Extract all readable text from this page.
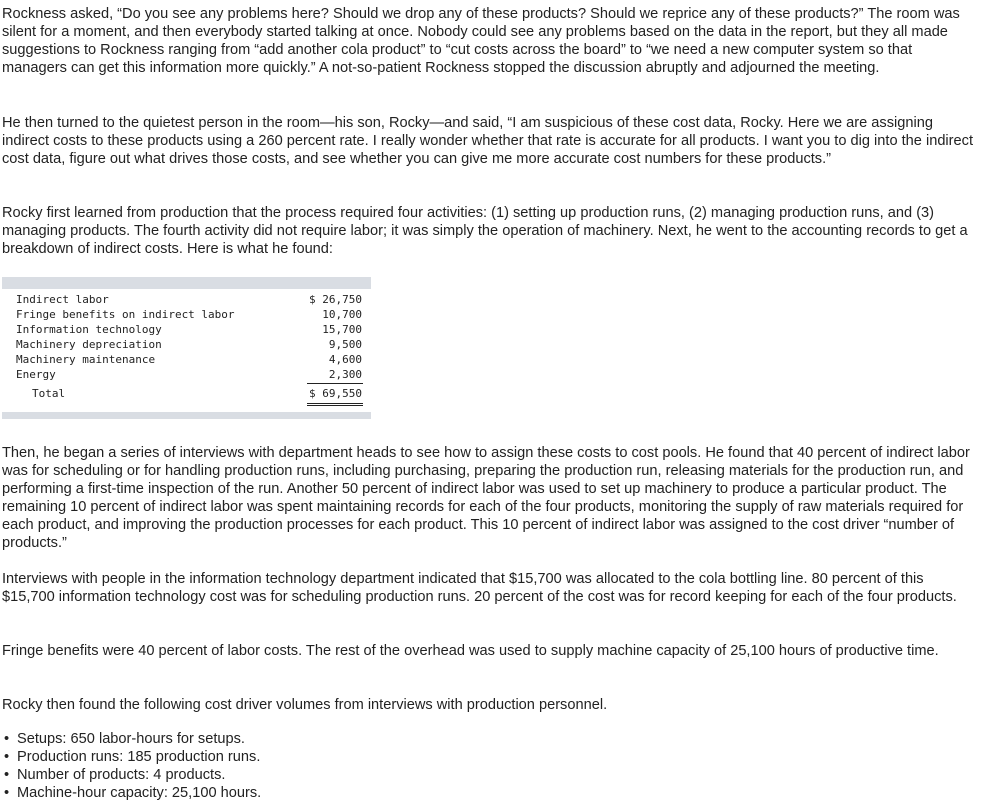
Rockness asked, “Do you see any problems here? Should we drop any of these products? Should we reprice any of these products?” The room was silent for a moment, and then everybody started talking at once. Nobody could see any problems based on the data in the report, but they all made suggestions to Rockness ranging from “add another cola product” to “cut costs across the board” to “we need a new computer system so that managers can get this information more quickly.” A not-so-patient Rockness stopped the discussion abruptly and adjourned the meeting.

He then turned to the quietest person in the room—his son, Rocky—and said, “I am suspicious of these cost data, Rocky. Here we are assigning indirect costs to these products using a 260 percent rate. I really wonder whether that rate is accurate for all products. I want you to dig into the indirect cost data, figure out what drives those costs, and see whether you can give me more accurate cost numbers for these products.”

Rocky first learned from production that the process required four activities: (1) setting up production runs, (2) managing production runs, and (3) managing products. The fourth activity did not require labor; it was simply the operation of machinery. Next, he went to the accounting records to get a breakdown of indirect costs. Here is what he found:

Indirect labor	$ 26,750
Fringe benefits on indirect labor	10,700
Information technology	15,700
Machinery depreciation	9,500
Machinery maintenance	4,600
Energy	2,300
Total	$ 69,550

Then, he began a series of interviews with department heads to see how to assign these costs to cost pools. He found that 40 percent of indirect labor was for scheduling or for handling production runs, including purchasing, preparing the production run, releasing materials for the production run, and performing a first-time inspection of the run. Another 50 percent of indirect labor was used to set up machinery to produce a particular product. The remaining 10 percent of indirect labor was spent maintaining records for each of the four products, monitoring the supply of raw materials required for each product, and improving the production processes for each product. This 10 percent of indirect labor was assigned to the cost driver “number of products.”

Interviews with people in the information technology department indicated that $15,700 was allocated to the cola bottling line. 80 percent of this $15,700 information technology cost was for scheduling production runs. 20 percent of the cost was for record keeping for each of the four products.

Fringe benefits were 40 percent of labor costs. The rest of the overhead was used to supply machine capacity of 25,100 hours of productive time.

Rocky then found the following cost driver volumes from interviews with production personnel.

• Setups: 650 labor-hours for setups.
• Production runs: 185 production runs.
• Number of products: 4 products.
• Machine-hour capacity: 25,100 hours.
